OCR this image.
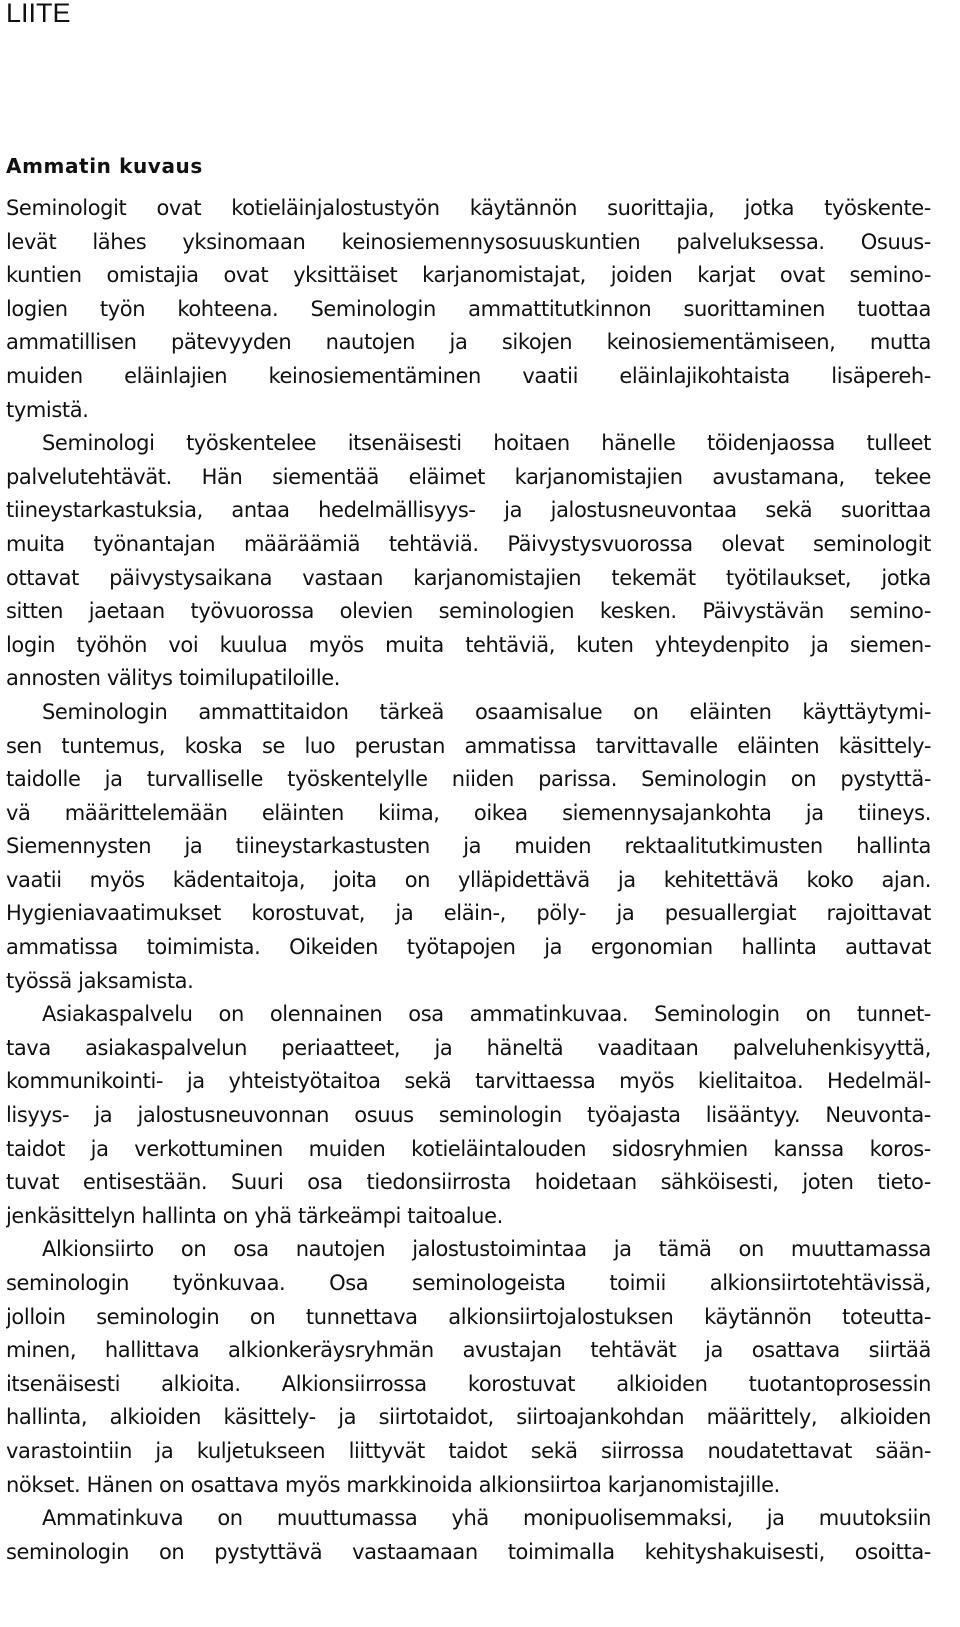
LIITE
Ammatin kuvaus
Seminologit ovat kotieläinjalostustyön käytännön suorittajia, jotka työskente-
levät lähes yksinomaan keinosiemennysosuuskuntien palveluksessa. Osuus-
kuntien omistajia ovat yksittäiset karjanomistajat, joiden karjat ovat semino-
logien työn kohteena. Seminologin ammattitutkinnon suorittaminen tuottaa
ammatillisen pätevyyden nautojen ja sikojen keinosiementämiseen, mutta
muiden eläinlajien keinosiementäminen vaatii eläinlajikohtaista lisäpereh-
tymistä.
Seminologi työskentelee itsenäisesti hoitaen hänelle töidenjaossa tulleet
palvelutehtävät. Hän siementää eläimet karjanomistajien avustamana, tekee
tiineystarkastuksia, antaa hedelmällisyys- ja jalostusneuvontaa sekä suorittaa
muita työnantajan määräämiä tehtäviä. Päivystysvuorossa olevat seminologit
ottavat päivystysaikana vastaan karjanomistajien tekemät työtilaukset, jotka
sitten jaetaan työvuorossa olevien seminologien kesken. Päivystävän semino-
login työhön voi kuulua myös muita tehtäviä, kuten yhteydenpito ja siemen-
annosten välitys toimilupatiloille.
Seminologin ammattitaidon tärkeä osaamisalue on eläinten käyttäytymi-
sen tuntemus, koska se luo perustan ammatissa tarvittavalle eläinten käsittely-
taidolle ja turvalliselle työskentelylle niiden parissa. Seminologin on pystyttä-
vä määrittelemään eläinten kiima, oikea siemennysajankohta ja tiineys.
Siemennysten ja tiineystarkastusten ja muiden rektaalitutkimusten hallinta
vaatii myös kädentaitoja, joita on ylläpidettävä ja kehitettävä koko ajan.
Hygieniavaatimukset korostuvat, ja eläin-, pöly- ja pesuallergiat rajoittavat
ammatissa toimimista. Oikeiden työtapojen ja ergonomian hallinta auttavat
työssä jaksamista.
Asiakaspalvelu on olennainen osa ammatinkuvaa. Seminologin on tunnet-
tava asiakaspalvelun periaatteet, ja häneltä vaaditaan palveluhenkisyyttä,
kommunikointi- ja yhteistyötaitoa sekä tarvittaessa myös kielitaitoa. Hedelmäl-
lisyys- ja jalostusneuvonnan osuus seminologin työajasta lisääntyy. Neuvonta-
taidot ja verkottuminen muiden kotieläintalouden sidosryhmien kanssa koros-
tuvat entisestään. Suuri osa tiedonsiirrosta hoidetaan sähköisesti, joten tieto-
jenkäsittelyn hallinta on yhä tärkeämpi taitoalue.
Alkionsiirto on osa nautojen jalostustoimintaa ja tämä on muuttamassa
seminologin työnkuvaa. Osa seminologeista toimii alkionsiirtotehtävissä,
jolloin seminologin on tunnettava alkionsiirtojalostuksen käytännön toteutta-
minen, hallittava alkionkeräysryhmän avustajan tehtävät ja osattava siirtää
itsenäisesti alkioita. Alkionsiirrossa korostuvat alkioiden tuotantoprosessin
hallinta, alkioiden käsittely- ja siirtotaidot, siirtoajankohdan määrittely, alkioiden
varastointiin ja kuljetukseen liittyvät taidot sekä siirrossa noudatettavat sään-
nökset. Hänen on osattava myös markkinoida alkionsiirtoa karjanomistajille.
Ammatinkuva on muuttumassa yhä monipuolisemmaksi, ja muutoksiin
seminologin on pystyttävä vastaamaan toimimalla kehityshakuisesti, osoitta-
